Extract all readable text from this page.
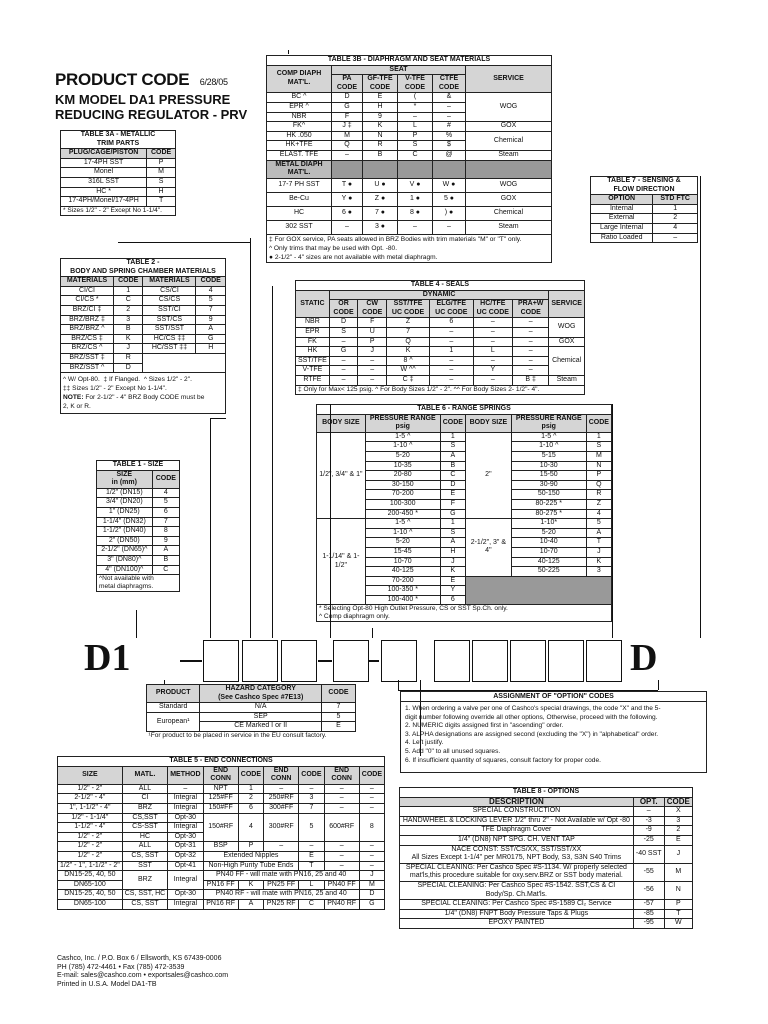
PRODUCT CODE 6/28/05
KM MODEL DA1 PRESSURE
REDUCING REGULATOR - PRV
TABLE 3A - METALLIC
TRIM PARTS	
PLUG/CAGE/PISTON	CODE
17-4PH SST	P
Monel	M
316L SST	S
HC *	H
17-4PH/Monel/17-4PH	T
* Sizes 1/2" - 2" Except No 1-1/4".	
TABLE 3B - DIAPHRAGM AND SEAT MATERIALS					
COMP DIAPH MAT'L.	SEAT				SERVICE
	PA CODE	GF-TFE CODE	V-TFE CODE	CTFE CODE	
BC ^	D	E	(	&	WOG
EPR ^	G	H	*	–	
NBR	F	9	–	–	
FK^	J ‡	K	L	#	GOX
HK .050	M	N	P	%	Chemical
HK+TFE	Q	R	S	$	
ELAST. TFE	–	B	C	@	Steam
METAL DIAPH MAT'L.					
17-7 PH SST	T ●	U ●	V ●	W ●	WOG
Be-Cu	Y ●	Z ●	1 ●	5 ●	GOX
HC	6 ●	7 ●	8 ●	) ●	Chemical
302 SST	–	3 ●	–	–	Steam

‡ For GOX service, PA seats allowed in BRZ Bodies with trim materials "M" or "T" only.
^ Only trims that may be used with Opt. -80.
● 2-1/2" - 4" sizes are not available with metal diaphragm.					
TABLE 7 - SENSING &
FLOW DIRECTION	
OPTION	STD FTC
Internal	1
External	2
Large Internal	4
Ratio Loaded	–
TABLE 2 -
BODY AND SPRING CHAMBER MATERIALS			
MATERIALS	CODE	MATERIALS	CODE
CI/CI	1	CS/CI	4
CI/CS *	C	CS/CS	5
BRZ/CI ‡	2	SST/CI	7
BRZ/BRZ ‡	3	SST/CS	9
BRZ/BRZ ^	B	SST/SST	A
BRZ/CS ‡	K	HC/CS ‡‡	G
BRZ/CS ^	J	HC/SST ‡‡	H
BRZ/SST ‡	R		
BRZ/SST ^	D		
^ W/ Opt-80. ‡ If Flanged. ^ Sizes 1/2" - 2".
‡‡ Sizes 1/2" - 2" Except No 1-1/4".
NOTE: For 2-1/2" - 4" BRZ Body CODE must be
2, K or R.			
TABLE 4 - SEALS							
STATIC	DYNAMIC						SERVICE
	OR CODE	CW CODE	SST/TFE UC CODE	ELG/TFE UC CODE	HC/TFE UC CODE	PRA+W CODE	
NBR	D	F	Z	6	–	–	WOG
EPR	S	U	7	–	–	–	
FK	–	P	Q	–	–	–	GOX
HK	G	J	K	1	L	–	Chemical
SST/TFE	–	–	8 ^	–	–	–	
V-TFE	–	–	W ^^	–	Y	–	
RTFE	–	–	C ‡	–	–	B ‡	Steam
‡ Only for Max< 125 psig. ^ For Body Sizes 1/2" - 2". ^^ For Body Sizes 2- 1/2"- 4".							
TABLE 1 - SIZE	
SIZE
in (mm)	CODE
1/2" (DN15)	4
3/4" (DN20)	5
1" (DN25)	6
1-1/4" (DN32)	7
1-1/2" (DN40)	8
2" (DN50)	9
2-1/2" (DN65)^	A
3" (DN80)^	B
4" (DN100)^	C
^Not available with
metal diaphragms.	
TABLE 6 - RANGE SPRINGS					
BODY SIZE	PRESSURE RANGE psig	CODE	BODY SIZE	PRESSURE RANGE psig	CODE
1/2", 3/4" & 1"	1-5 ^	1	2"	1-5 ^	1
	1-10 ^	S		1-10 ^	S
	5-20	A		5-15	M
	10-35	B		10-30	N
	20-80	C		15-50	P
	30-150	D		30-90	Q
	70-200	E		50-150	R
	100-300	F		80-225 *	Z
	200-450 *	G		80-275 *	4
1-1/14" & 1-1/2"	1-5 ^	1	2-1/2", 3" & 4"	1-10*	5
	1-10 ^	S		5-20	A
	5-20	A		10-40	T
	15-45	H		10-70	J
	10-70	J		40-125	K
	40-125	K		50-225	3
	70-200	E			
	100-350 *	Y			
	100-400 *	6			
* Selecting Opt-80 High Outlet Pressure, CS or SST Sp.Ch. only.
^ Comp diaphragm only.					
D1	D
PRODUCT	HAZARD CATEGORY
(See Cashco Spec #7E13)	CODE
Standard	N/A	7
European¹	SEP	5
	CE Marked I or II	E
¹For product to be placed in service in the EU consult factory.		
ASSIGNMENT OF "OPTION" CODES
1. When ordering a valve per one of Cashco's special drawings, the code "X" and the 5-
digit number following override all other options, Otherwise, proceed with the following.
2. NUMERIC digits assigned first in "ascending" order.
3. ALPHA designations are assigned second (excluding the "X") in "alphabetical" order.
4. Left justify.
5. Add "0" to all unused squares.
6. If insufficient quantity of squares, consult factory for proper code.
TABLE 5 - END CONNECTIONS								
SIZE	MATL.	METHOD	END CONN	CODE	END CONN	CODE	END CONN	CODE
1/2" - 2"	ALL	–	NPT	1	–	–	–	–
2-1/2" - 4"	CI	Integral	125#FF	2	250#RF	3	–	–
1", 1-1/2" - 4"	BRZ	Integral	150#FF	6	300#FF	7	–	–
1/2" - 1-1/4"	CS,SST	Opt-30	150#RF	4	300#RF	5	600#RF	8
1-1/2" - 4"	CS-SST	Integral						
1/2" - 2"	HC	Opt-30						
1/2" - 2"	ALL	Opt-31	BSP	P	–	–	–	–
1/2" - 2"	CS, SST	Opt-32	Extended Nipples			E	–	–
1/2" - 1", 1-1/2" - 2"	SST	Opt-41	Non-High Purity Tube Ends			T	–	–
DN15-25, 40, 50	BRZ	Integral	PN40 FF - will mate with PN16, 25 and 40					J
DN65-100			PN16 FF	K	PN25 FF	L	PN40 FF	M
DN15-25, 40, 50	CS, SST, HC	Opt-30	PN40 RF - will mate with PN16, 25 and 40					D
DN65-100	CS, SST	Integral	PN16 RF	A	PN25 RF	C	PN40 RF	G
TABLE 8 - OPTIONS		
DESCRIPTION	OPT.	CODE

SPECIAL CONSTRUCTION	–	X

HANDWHEEL & LOCKING LEVER 1/2" thru 2" - Not Available w/ Opt -80	-3	3

TFE Diaphragm Cover	-9	2

1/4" (DN8) NPT SPG. CH. VENT TAP	-25	E

NACE CONST: SST/CS/XX, SST/SST/XX
All Sizes Except 1-1/4" per MR0175, NPT Body, S3, S3N S40 Trims	-40 SST	J

SPECIAL CLEANING: Per Cashco Spec #S-1134. W/ properly selected
mat'ls,this procedure suitable for oxy.serv.BRZ or SST body material.	-55	M

SPECIAL CLEANING: Per Cashco Spec #S-1542. SST,CS & CI
Body/Sp. Ch.Mat'ls.	-56	N

SPECIAL CLEANING: Per Cashco Spec #S-1589 Cl₂ Service	-57	P

1/4" (DN8) FNPT Body Pressure Taps & Plugs	-85	T

EPOXY PAINTED	-95	W
Cashco, Inc. / P.O. Box 6 / Ellsworth, KS 67439-0006
PH (785) 472-4461 • Fax (785) 472-3539
E-mail: sales@cashco.com • exportsales@cashco.com
Printed in U.S.A. Model DA1-TB
